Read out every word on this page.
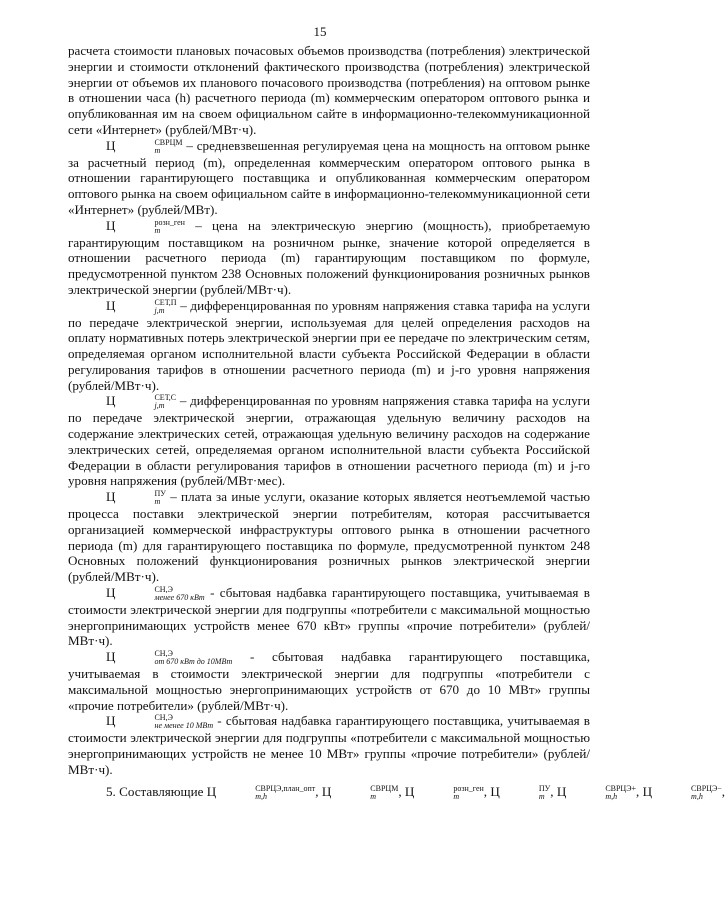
15

расчета стоимости плановых почасовых объемов производства (потребления) электрической энергии и стоимости отклонений фактического производства (потребления) электрической энергии от объемов их планового почасового производства (потребления) на оптовом рынке в отношении часа (h) расчетного периода (m) коммерческим оператором оптового рынка и опубликованная им на своем официальном сайте в информационно-телекоммуникационной сети «Интернет» (рублей/МВт·ч).

Ц	СВРЦМ
m	– средневзвешенная регулируемая цена на мощность на оптовом рынке за расчетный период (m), определенная коммерческим оператором оптового рынка в отношении гарантирующего поставщика и опубликованная коммерческим оператором оптового рынка на своем официальном сайте в информационно-телекоммуникационной сети «Интернет» (рублей/МВт).

Ц	розн_ген
m	– цена на электрическую энергию (мощность), приобретаемую гарантирующим поставщиком на розничном рынке, значение которой определяется в отношении расчетного периода (m) гарантирующим поставщиком по формуле, предусмотренной пунктом 238 Основных положений функционирования розничных рынков электрической энергии (рублей/МВт·ч).

Ц	СЕТ,П
j,m – дифференцированная по уровням напряжения ставка тарифа на услуги по передаче электрической энергии, используемая для целей определения расходов на оплату нормативных потерь электрической энергии при ее передаче по электрическим сетям, определяемая органом исполнительной власти субъекта Российской Федерации в области регулирования тарифов в отношении расчетного периода (m) и j-го уровня напряжения (рублей/МВт·ч).

Ц	СЕТ,С
j,m – дифференцированная по уровням напряжения ставка тарифа на услуги по передаче электрической энергии, отражающая удельную величину расходов на содержание электрических сетей, отражающая удельную величину расходов на содержание электрических сетей, определяемая органом исполнительной власти субъекта Российской Федерации в области регулирования тарифов в отношении расчетного периода (m) и j-го уровня напряжения (рублей/МВт·мес).

Ц	ПУ
m – плата за иные услуги, оказание которых является неотъемлемой частью процесса поставки электрической энергии потребителям, которая рассчитывается организацией коммерческой инфраструктуры оптового рынка в отношении расчетного периода (m) для гарантирующего поставщика по формуле, предусмотренной пунктом 248 Основных положений функционирования розничных рынков электрической энергии (рублей/МВт·ч).

Ц	СН,Э
менее 670 кВт - сбытовая надбавка гарантирующего поставщика, учитываемая в стоимости электрической энергии для подгруппы «потребители с максимальной мощностью энергопринимающих устройств менее 670 кВт» группы «прочие потребители» (рублей/МВт·ч).

Ц	СН,Э
от 670 кВт до 10МВт - сбытовая надбавка гарантирующего поставщика, учитываемая в стоимости электрической энергии для подгруппы «потребители с максимальной мощностью энергопринимающих устройств от 670 до 10 МВт» группы «прочие потребители» (рублей/МВт·ч).

Ц	СН,Э
не менее 10 МВт - сбытовая надбавка гарантирующего поставщика, учитываемая в стоимости электрической энергии для подгруппы «потребители с максимальной мощностью энергопринимающих устройств не менее 10 МВт» группы «прочие потребители» (рублей/МВт·ч).

5. Составляющие Ц	СВРЦЭ,план_опт
m,h	, Ц	СВРЦМ
m	, Ц	розн_ген
m	, Ц	ПУ
m , Ц	СВРЦЭ+
m,h	, Ц	СВРЦЭ−
m,h	,
